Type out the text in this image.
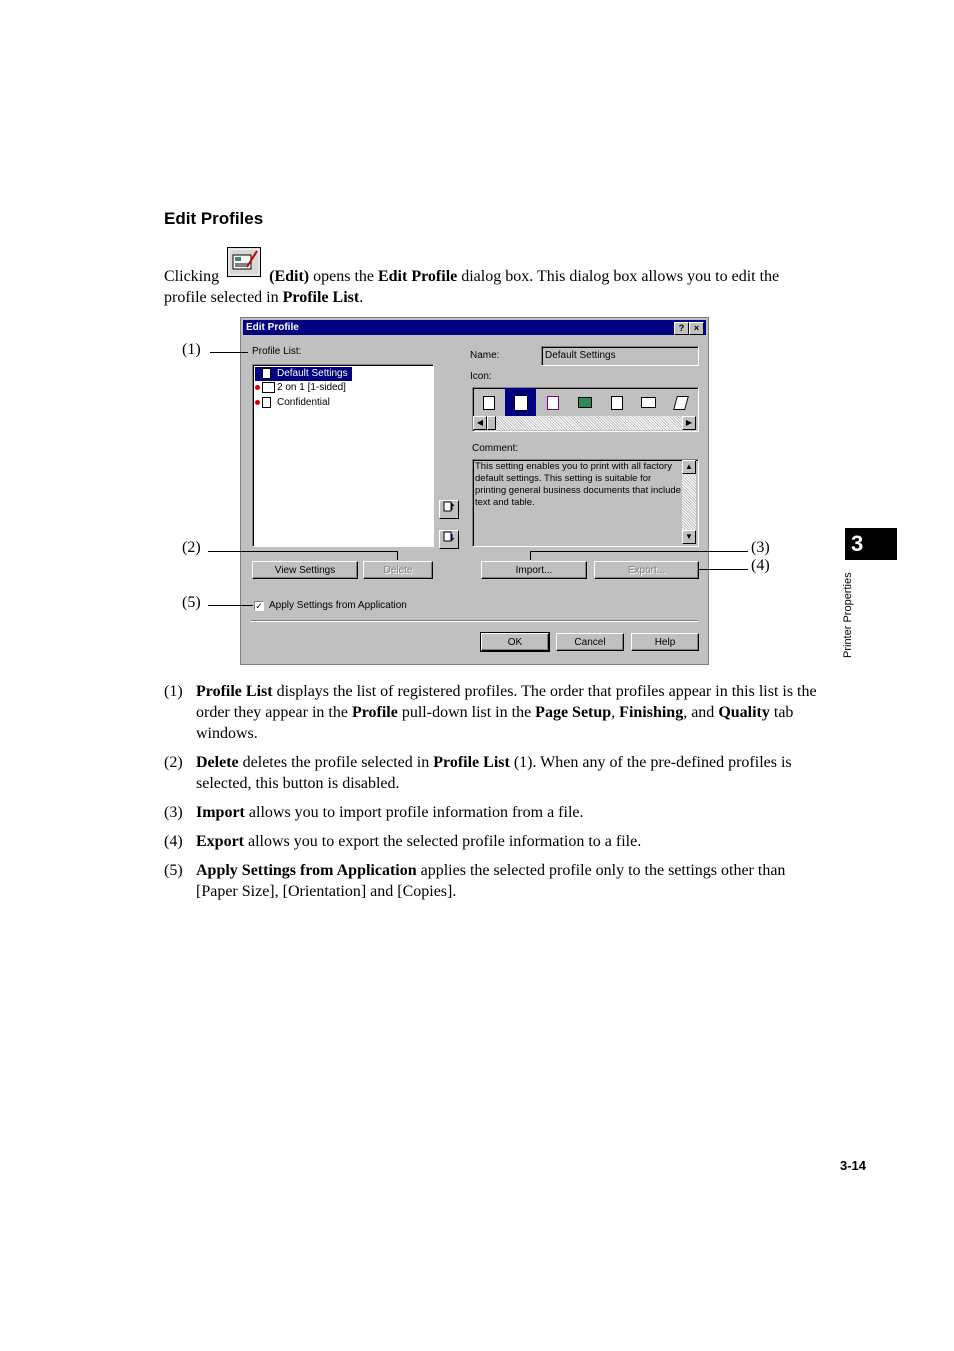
Edit Profiles

Clicking	(Edit) opens the Edit Profile dialog box. This dialog box allows you to edit the profile selected in Profile List.

Edit Profile	?	×
Profile List:
Default Settings
2 on 1 [1-sided]
Confidential
Name:	Default Settings
Icon:
◀	▶
Comment:
This setting enables you to print with all factory default settings. This setting is suitable for printing general business documents that include text and table.
▲
▼
View Settings	Delete	Import...	Export...
✓ Apply Settings from Application
OK	Cancel	Help
(1)
(2)	(3)
(4)
(5)
(1) Profile List displays the list of registered profiles. The order that profiles appear in this list is the order they appear in the Profile pull-down list in the Page Setup, Finishing, and Quality tab windows.
(2) Delete deletes the profile selected in Profile List (1). When any of the pre-defined profiles is selected, this button is disabled.
(3) Import allows you to import profile information from a file.
(4) Export allows you to export the selected profile information to a file.
(5) Apply Settings from Application applies the selected profile only to the settings other than [Paper Size], [Orientation] and [Copies].
3
Printer Properties
3-14
